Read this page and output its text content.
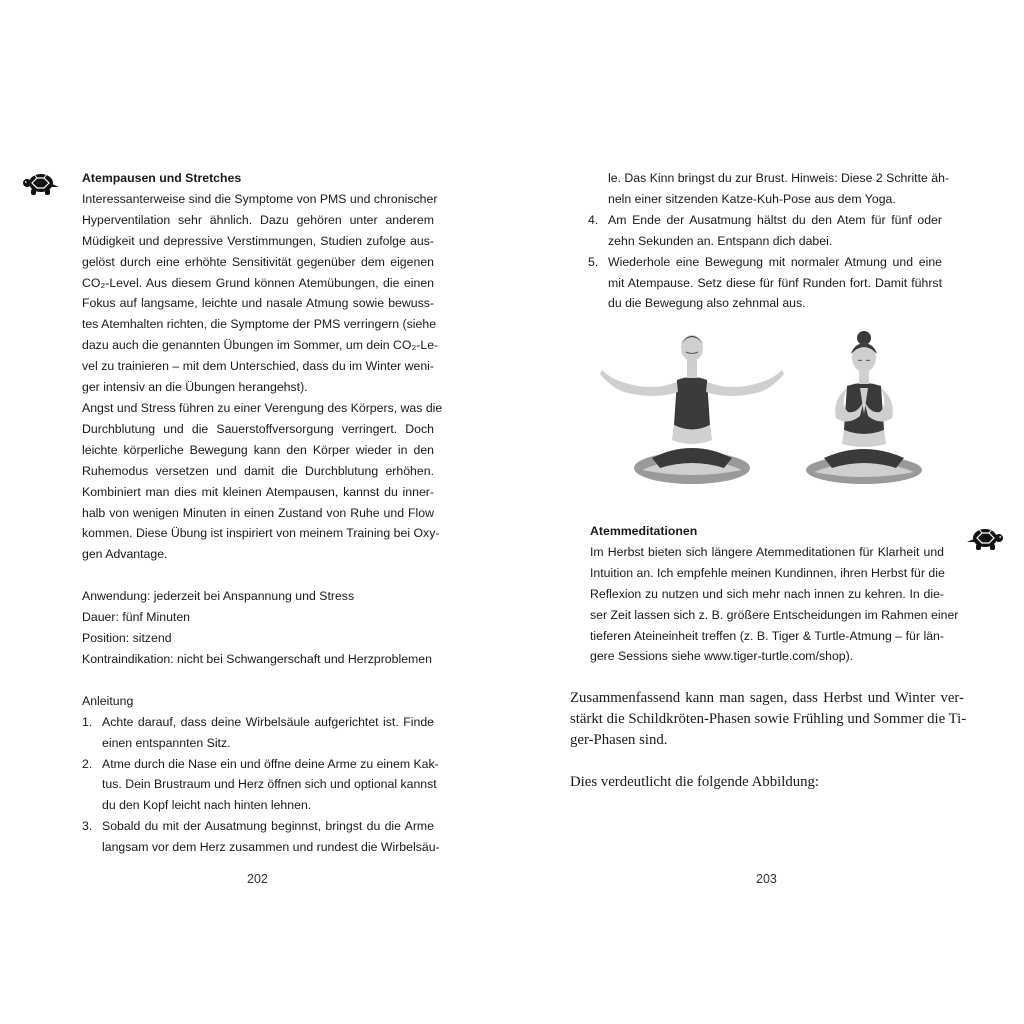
Atempausen und Stretches

Interessanterweise sind die Symptome von PMS und chronischer
Hyperventilation sehr ähnlich. Dazu gehören unter anderem
Müdigkeit und depressive Verstimmungen, Studien zufolge aus-
gelöst durch eine erhöhte Sensitivität gegenüber dem eigenen
CO₂-Level. Aus diesem Grund können Atemübungen, die einen
Fokus auf langsame, leichte und nasale Atmung sowie bewuss-
tes Atemhalten richten, die Symptome der PMS verringern (siehe
dazu auch die genannten Übungen im Sommer, um dein CO₂-Le-
vel zu trainieren – mit dem Unterschied, dass du im Winter weni-
ger intensiv an die Übungen herangehst).
Angst und Stress führen zu einer Verengung des Körpers, was die
Durchblutung und die Sauerstoffversorgung verringert. Doch
leichte körperliche Bewegung kann den Körper wieder in den
Ruhemodus versetzen und damit die Durchblutung erhöhen.
Kombiniert man dies mit kleinen Atempausen, kannst du inner-
halb von wenigen Minuten in einen Zustand von Ruhe und Flow
kommen. Diese Übung ist inspiriert von meinem Training bei Oxy-
gen Advantage.
Anwendung: jederzeit bei Anspannung und Stress
Dauer: fünf Minuten
Position: sitzend
Kontraindikation: nicht bei Schwangerschaft und Herzproblemen
Anleitung
1. Achte darauf, dass deine Wirbelsäule aufgerichtet ist. Finde
einen entspannten Sitz.
2. Atme durch die Nase ein und öffne deine Arme zu einem Kak-
tus. Dein Brustraum und Herz öffnen sich und optional kannst
du den Kopf leicht nach hinten lehnen.
3. Sobald du mit der Ausatmung beginnst, bringst du die Arme
langsam vor dem Herz zusammen und rundest die Wirbelsäu-
202
le. Das Kinn bringst du zur Brust. Hinweis: Diese 2 Schritte äh-
neln einer sitzenden Katze-Kuh-Pose aus dem Yoga.
4. Am Ende der Ausatmung hältst du den Atem für fünf oder
zehn Sekunden an. Entspann dich dabei.
5. Wiederhole eine Bewegung mit normaler Atmung und eine
mit Atempause. Setz diese für fünf Runden fort. Damit führst
du die Bewegung also zehnmal aus.

Atemmeditationen

Im Herbst bieten sich längere Atemmeditationen für Klarheit und
Intuition an. Ich empfehle meinen Kundinnen, ihren Herbst für die
Reflexion zu nutzen und sich mehr nach innen zu kehren. In die-
ser Zeit lassen sich z. B. größere Entscheidungen im Rahmen einer
tieferen Ateineinheit treffen (z. B. Tiger & Turtle-Atmung – für län-
gere Sessions siehe www.tiger-turtle.com/shop).
Zusammenfassend kann man sagen, dass Herbst und Winter ver-
stärkt die Schildkröten-Phasen sowie Frühling und Sommer die Ti-
ger-Phasen sind.
Dies verdeutlicht die folgende Abbildung:
203
